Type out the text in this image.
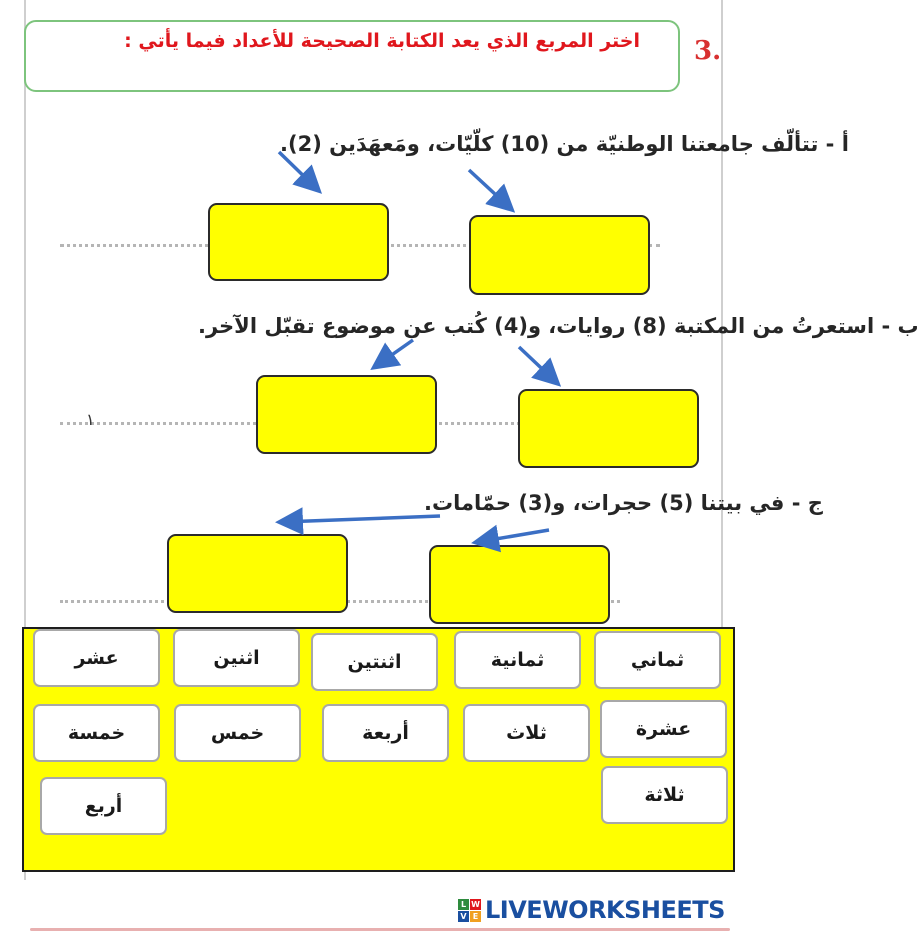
اختر المربع الذي يعد الكتابة الصحيحة للأعداد فيما يأتي : 3.
أ - تتألّف جامعتنا الوطنيّة من (10) كلّيّات، ومَعهَدَين (2).
ب - استعرتُ من المكتبة (8) روايات، و(4) كُتب عن موضوع تقبّل الآخر.
١
ج - في بيتنا (5) حجرات، و(3) حمّامات.
ثماني
ثمانية
اثنتين
اثنين
عشر
عشرة
ثلاث
أربعة
خمس
خمسة
ثلاثة
أربع
L W
V E LIVEWORKSHEETS
